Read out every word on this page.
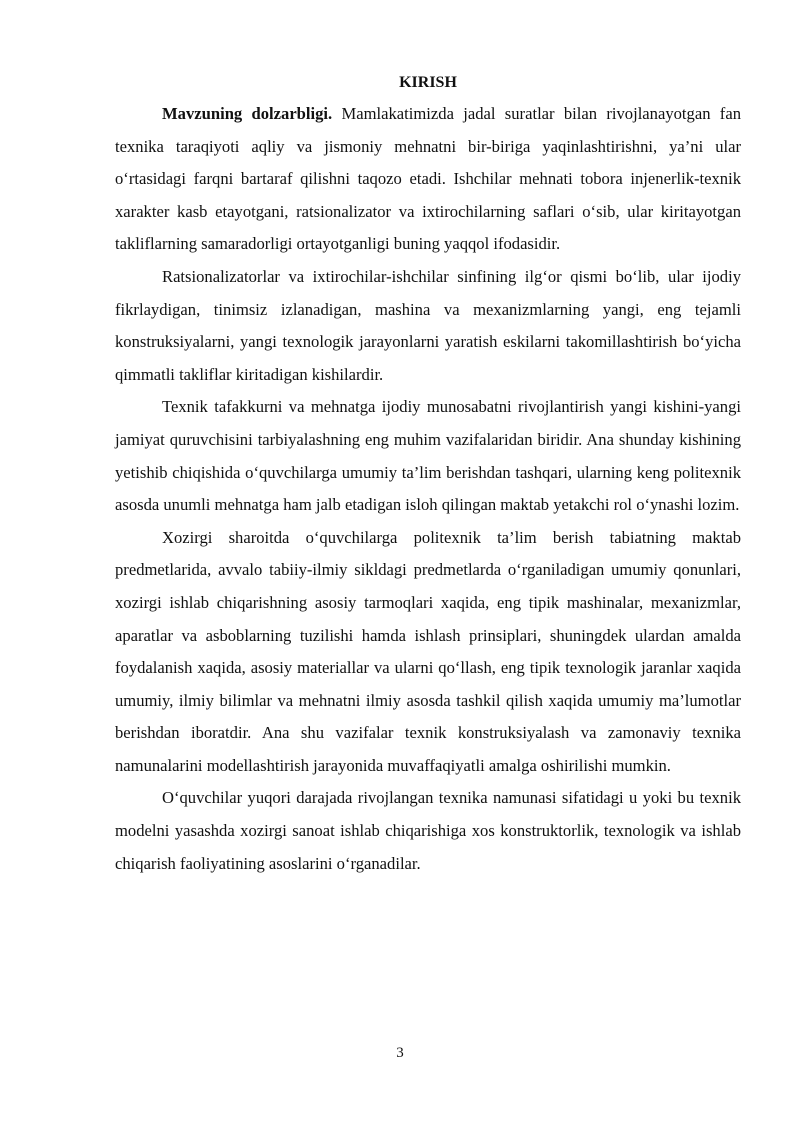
KIRISH

Mavzuning dolzarbligi. Mamlakatimizda jadal suratlar bilan rivojlanayotgan fan texnika taraqiyoti aqliy va jismoniy mehnatni bir-biriga yaqinlashtirishni, ya’ni ular o‘rtasidagi farqni bartaraf qilishni taqozo etadi. Ishchilar mehnati tobora injenerlik-texnik xarakter kasb etayotgani, ratsionalizator va ixtirochilarning saflari o‘sib, ular kiritayotgan takliflarning samaradorligi ortayotganligi buning yaqqol ifodasidir.

Ratsionalizatorlar va ixtirochilar-ishchilar sinfining ilg‘or qismi bo‘lib, ular ijodiy fikrlaydigan, tinimsiz izlanadigan, mashina va mexanizmlarning yangi, eng tejamli konstruksiyalarni, yangi texnologik jarayonlarni yaratish eskilarni takomillashtirish bo‘yicha qimmatli takliflar kiritadigan kishilardir.

Texnik tafakkurni va mehnatga ijodiy munosabatni rivojlantirish yangi kishini-yangi jamiyat quruvchisini tarbiyalashning eng muhim vazifalaridan biridir. Ana shunday kishining yetishib chiqishida o‘quvchilarga umumiy ta’lim berishdan tashqari, ularning keng politexnik asosda unumli mehnatga ham jalb etadigan isloh qilingan maktab yetakchi rol o‘ynashi lozim.

Xozirgi sharoitda o‘quvchilarga politexnik ta’lim berish tabiatning maktab predmetlarida, avvalo tabiiy-ilmiy sikldagi predmetlarda o‘rganiladigan umumiy qonunlari, xozirgi ishlab chiqarishning asosiy tarmoqlari xaqida, eng tipik mashinalar, mexanizmlar, aparatlar va asboblarning tuzilishi hamda ishlash prinsiplari, shuningdek ulardan amalda foydalanish xaqida, asosiy materiallar va ularni qo‘llash, eng tipik texnologik jaranlar xaqida umumiy, ilmiy bilimlar va mehnatni ilmiy asosda tashkil qilish xaqida umumiy ma’lumotlar berishdan iboratdir. Ana shu vazifalar texnik konstruksiyalash va zamonaviy texnika namunalarini modellashtirish jarayonida muvaffaqiyatli amalga oshirilishi mumkin.

O‘quvchilar yuqori darajada rivojlangan texnika namunasi sifatidagi u yoki bu texnik modelni yasashda xozirgi sanoat ishlab chiqarishiga xos konstruktorlik, texnologik va ishlab chiqarish faoliyatining asoslarini o‘rganadilar.

3
